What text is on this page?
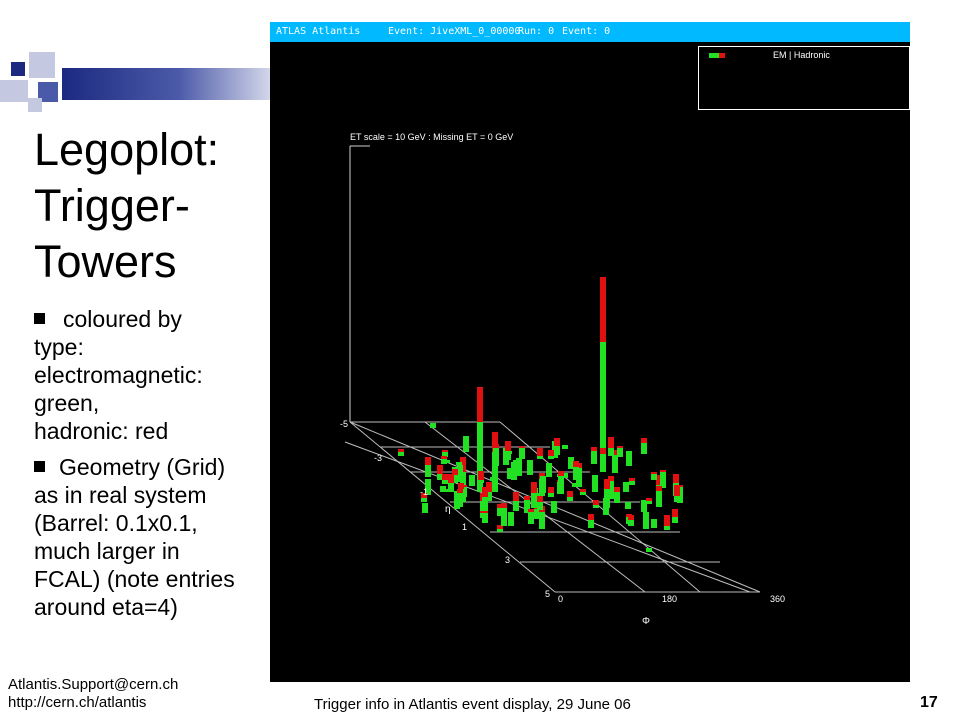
Legoplot:
Trigger-
Towers
coloured by
type:
electromagnetic:
green,
hadronic: red
Geometry (Grid)
as in real system
(Barrel: 0.1x0.1,
much larger in
FCAL) (note entries
around eta=4)
ATLAS Atlantis	Event: JiveXML_0_00000
Run: 0 Event: 0
EM | Hadronic
ET scale = 10 GeV : Missing ET = 0 GeV
-5
-3
-1
1
3
5
η
0	180	360
Φ
Atlantis.Support@cern.ch
http://cern.ch/atlantis	Trigger info in Atlantis event display, 29 June 06	17
